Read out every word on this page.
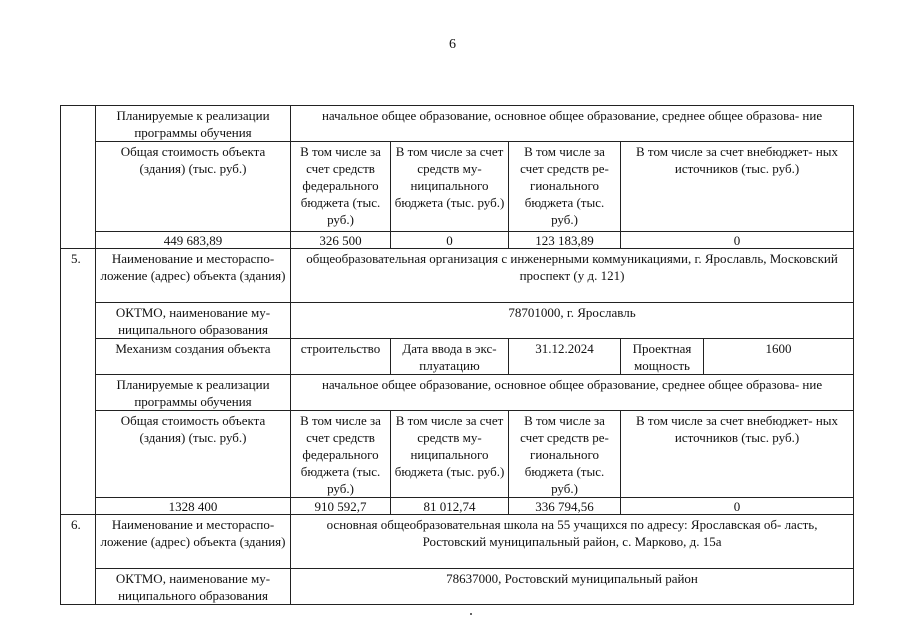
6
	Планируемые к реализации программы обучения	начальное общее образование, основное общее образование, среднее общее образова- ние				
	Общая стоимость объекта (здания) (тыс. руб.)	В том числе за счет средств федерального бюджета (тыс. руб.)	В том числе за счет средств му- ниципального бюджета (тыс. руб.)	В том числе за счет средств ре- гионального бюджета (тыс. руб.)	В том числе за счет внебюджет- ных источников (тыс. руб.)	
	449 683,89	326 500	0	123 183,89	0	
5.	Наименование и местораспо- ложение (адрес) объекта (здания)	общеобразовательная организация с инженерными коммуникациями, г. Ярославль, Московский проспект (у д. 121)				
	ОКТМО, наименование му- ниципального образования	78701000, г. Ярославль				
	Механизм создания объекта	строительство	Дата ввода в экс- плуатацию	31.12.2024	Проектная мощность	1600
	Планируемые к реализации программы обучения	начальное общее образование, основное общее образование, среднее общее образова- ние				
	Общая стоимость объекта (здания) (тыс. руб.)	В том числе за счет средств федерального бюджета (тыс. руб.)	В том числе за счет средств му- ниципального бюджета (тыс. руб.)	В том числе за счет средств ре- гионального бюджета (тыс. руб.)	В том числе за счет внебюджет- ных источников (тыс. руб.)	
	1328 400	910 592,7	81 012,74	336 794,56	0	
6.	Наименование и местораспо- ложение (адрес) объекта (здания)	основная общеобразовательная школа на 55 учащихся по адресу: Ярославская об- ласть, Ростовский муниципальный район, с. Марково, д. 15а				
	ОКТМО, наименование му- ниципального образования	78637000, Ростовский муниципальный район				
